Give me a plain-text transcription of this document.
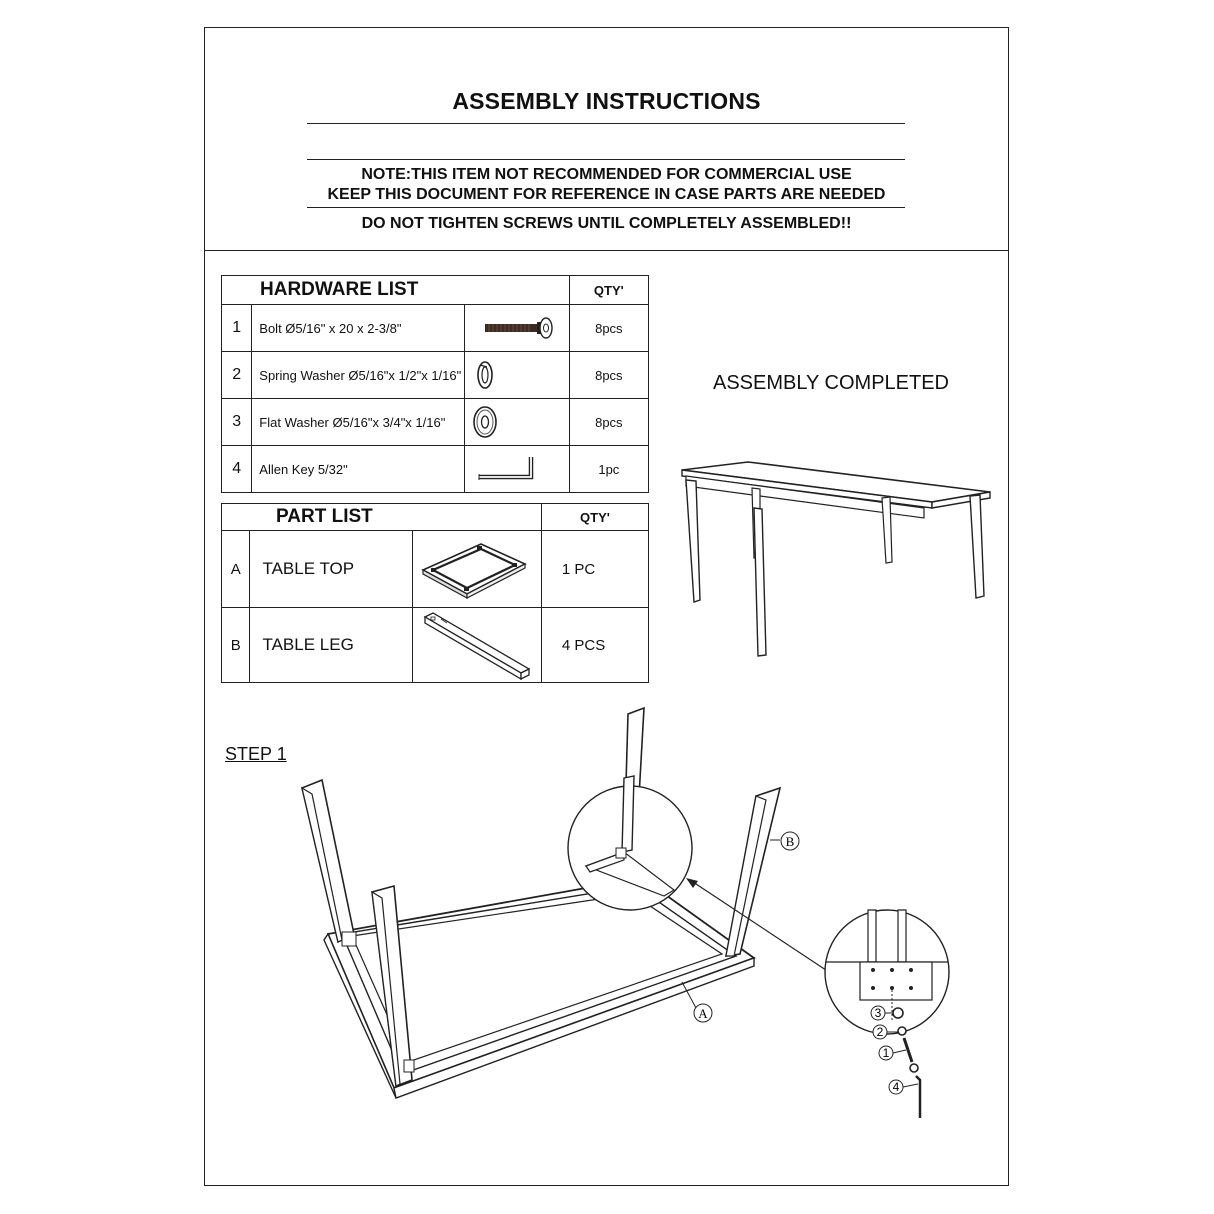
ASSEMBLY INSTRUCTIONS
NOTE:THIS ITEM NOT RECOMMENDED FOR COMMERCIAL USE
KEEP THIS DOCUMENT FOR REFERENCE IN CASE PARTS ARE NEEDED
DO NOT TIGHTEN SCREWS UNTIL COMPLETELY ASSEMBLED!!
HARDWARE LIST			QTY'
1	Bolt Ø5/16" x 20 x 2-3/8"		8pcs
2	Spring Washer Ø5/16"x 1/2"x 1/16"		8pcs
3	Flat Washer Ø5/16"x 3/4"x 1/16"		8pcs
4	Allen Key 5/32"		1pc
PART LIST			QTY'
A	TABLE TOP		1 PC
B	TABLE LEG		4 PCS
ASSEMBLY COMPLETED
STEP 1
A
B
3
2
1
4
